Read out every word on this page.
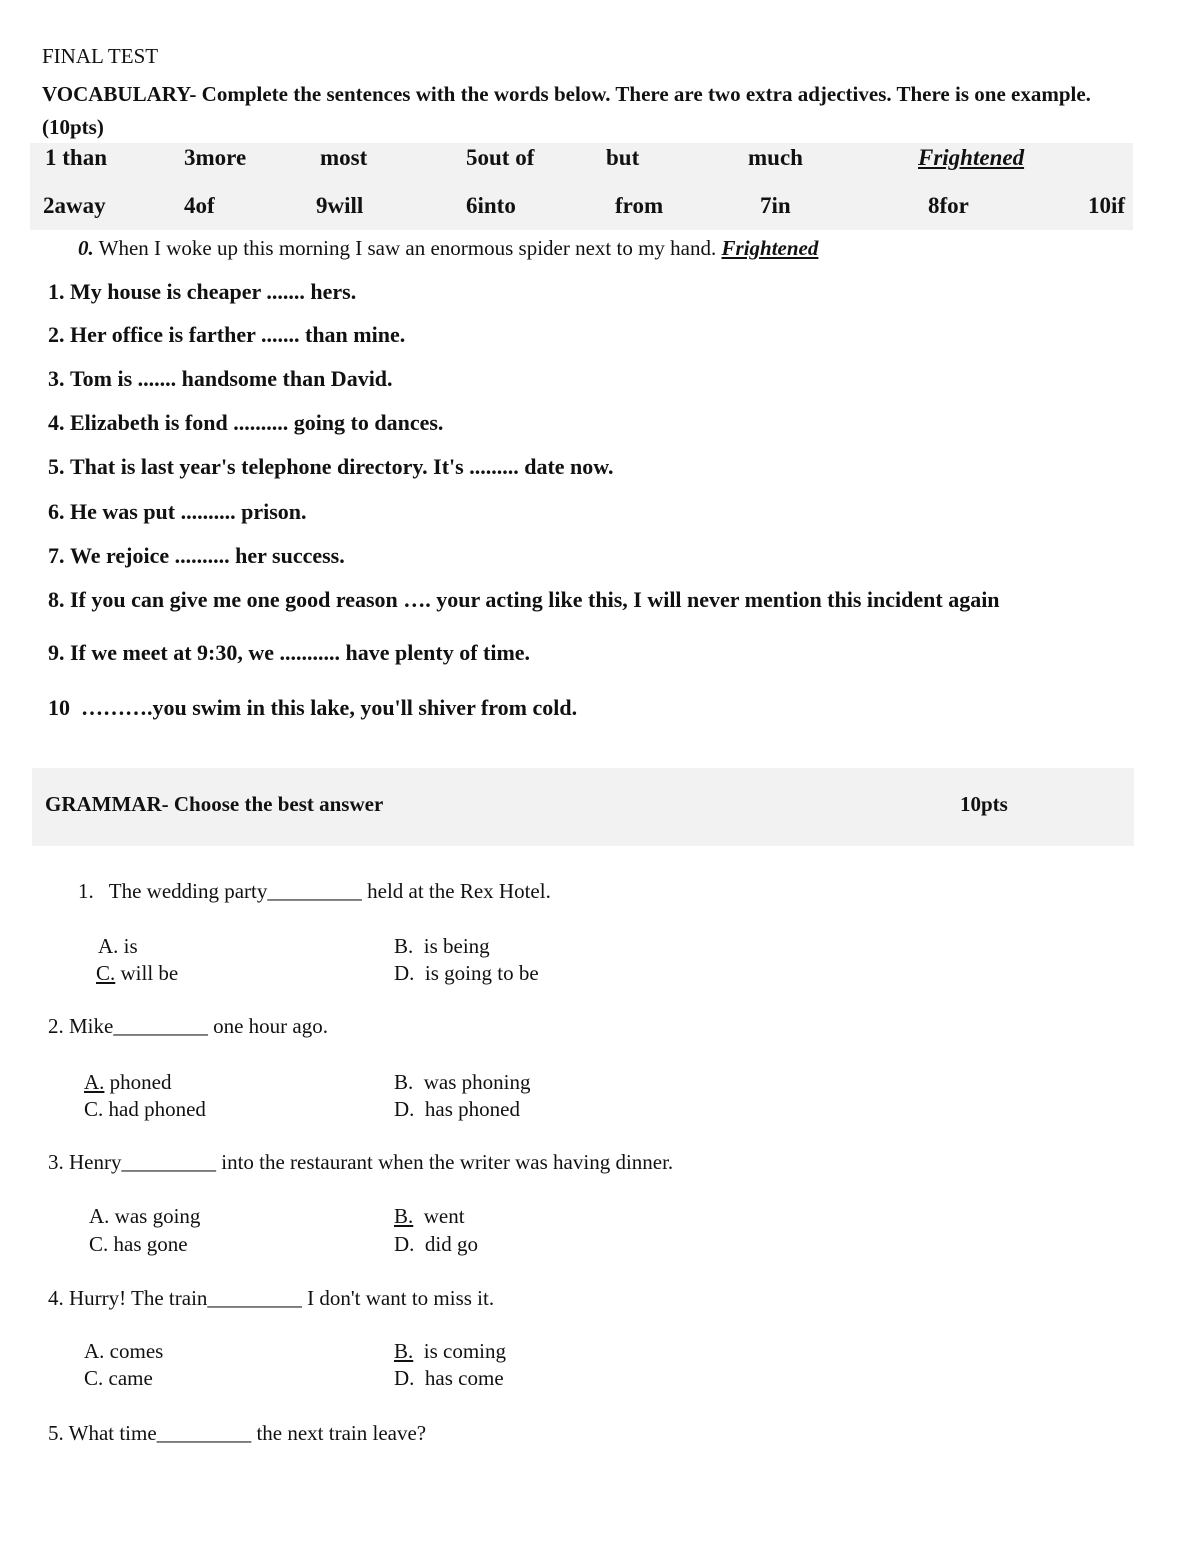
FINAL TEST
VOCABULARY- Complete the sentences with the words below. There are two extra adjectives. There is one example. (10pts)
1 than	3more	most	5out of	but	much	Frightened
2away	4of	9will	6into	from	7in	8for	10if
0. When I woke up this morning I saw an enormous spider next to my hand. Frightened
1. My house is cheaper ....... hers.
2. Her office is farther ....... than mine.
3. Tom is ....... handsome than David.
4. Elizabeth is fond .......... going to dances.
5. That is last year's telephone directory. It's ......... date now.
6. He was put .......... prison.
7. We rejoice .......... her success.
8. If you can give me one good reason …. your acting like this, I will never mention this incident again
9. If we meet at 9:30, we ........... have plenty of time.
10 ……….you swim in this lake, you'll shiver from cold.
GRAMMAR- Choose the best answer	10pts
1. The wedding party_________ held at the Rex Hotel.
A. is	B.  is being
C. will be	D.  is going to be
2. Mike_________ one hour ago.
A. phoned	B.  was phoning
C. had phoned	D.  has phoned
3. Henry_________ into the restaurant when the writer was having dinner.
A. was going	B.  went
C. has gone	D.  did go
4. Hurry! The train_________ I don't want to miss it.
A. comes	B.  is coming
C. came	D.  has come
5. What time_________ the next train leave?
